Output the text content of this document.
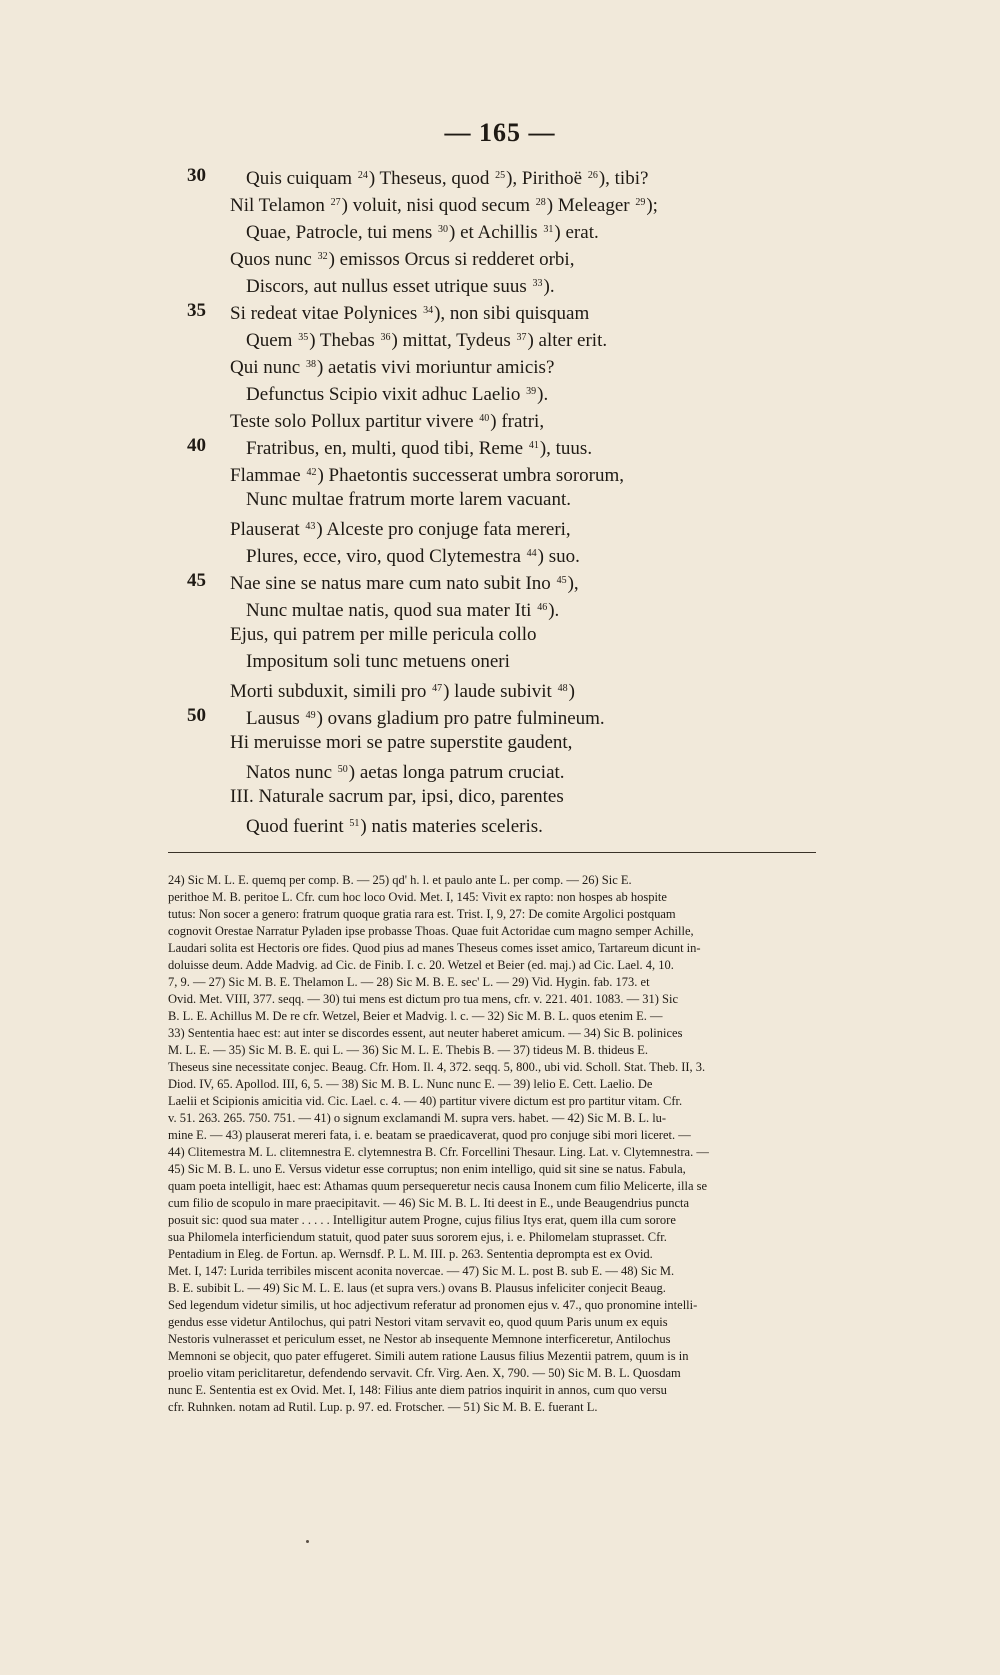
— 165 —
30 Quis cuiquam $^{24}$) Theseus, quod $^{25}$), Pirithoë $^{26}$), tibi?
Nil Telamon $^{27}$) voluit, nisi quod secum $^{28}$) Meleager $^{29}$);
Quae, Patrocle, tui mens $^{30}$) et Achillis $^{31}$) erat.
Quos nunc $^{32}$) emissos Orcus si redderet orbi,
Discors, aut nullus esset utrique suus $^{33}$).
35 Si redeat vitae Polynices $^{34}$), non sibi quisquam
Quem $^{35}$) Thebas $^{36}$) mittat, Tydeus $^{37}$) alter erit.
Qui nunc $^{38}$) aetatis vivi moriuntur amicis?
Defunctus Scipio vixit adhuc Laelio $^{39}$).
Teste solo Pollux partitur vivere $^{40}$) fratri,
40 Fratribus, en, multi, quod tibi, Reme $^{41}$), tuus.
Flammae $^{42}$) Phaetontis successerat umbra sororum,
Nunc multae fratrum morte larem vacuant.
Plauserat $^{43}$) Alceste pro conjuge fata mereri,
Plures, ecce, viro, quod Clytemestra $^{44}$) suo.
45 Nae sine se natus mare cum nato subit Ino $^{45}$),
Nunc multae natis, quod sua mater Iti $^{46}$).
Ejus, qui patrem per mille pericula collo
Impositum soli tunc metuens oneri
Morti subduxit, simili pro $^{47}$) laude subivit $^{48}$)
50 Lausus $^{49}$) ovans gladium pro patre fulmineum.
Hi meruisse mori se patre superstite gaudent,
Natos nunc $^{50}$) aetas longa patrum cruciat.
III. Naturale sacrum par, ipsi, dico, parentes
Quod fuerint $^{51}$) natis materies sceleris.
24) Sic M. L. E. quemq per comp. B. — 25) qd' h. l. et paulo ante L. per comp. — 26) Sic E.
perithoe M. B. peritoe L. Cfr. cum hoc loco Ovid. Met. I, 145: Vivit ex rapto: non hospes ab hospite
tutus: Non socer a genero: fratrum quoque gratia rara est. Trist. I, 9, 27: De comite Argolici postquam
cognovit Orestae Narratur Pyladen ipse probasse Thoas. Quae fuit Actoridae cum magno semper Achille,
Laudari solita est Hectoris ore fides. Quod pius ad manes Theseus comes isset amico, Tartareum dicunt in-
doluisse deum. Adde Madvig. ad Cic. de Finib. I. c. 20. Wetzel et Beier (ed. maj.) ad Cic. Lael. 4, 10.
7, 9. — 27) Sic M. B. E. Thelamon L. — 28) Sic M. B. E. sec' L. — 29) Vid. Hygin. fab. 173. et
Ovid. Met. VIII, 377. seqq. — 30) tui mens est dictum pro tua mens, cfr. v. 221. 401. 1083. — 31) Sic
B. L. E. Achillus M. De re cfr. Wetzel, Beier et Madvig. l. c. — 32) Sic M. B. L. quos etenim E. —
33) Sententia haec est: aut inter se discordes essent, aut neuter haberet amicum. — 34) Sic B. polinices
M. L. E. — 35) Sic M. B. E. qui L. — 36) Sic M. L. E. Thebis B. — 37) tideus M. B. thideus E.
Theseus sine necessitate conjec. Beaug. Cfr. Hom. Il. 4, 372. seqq. 5, 800., ubi vid. Scholl. Stat. Theb. II, 3.
Diod. IV, 65. Apollod. III, 6, 5. — 38) Sic M. B. L. Nunc nunc E. — 39) lelio E. Cett. Laelio. De
Laelii et Scipionis amicitia vid. Cic. Lael. c. 4. — 40) partitur vivere dictum est pro partitur vitam. Cfr.
v. 51. 263. 265. 750. 751. — 41) o signum exclamandi M. supra vers. habet. — 42) Sic M. B. L. lu-
mine E. — 43) plauserat mereri fata, i. e. beatam se praedicaverat, quod pro conjuge sibi mori liceret. —
44) Clitemestra M. L. clitemnestra E. clytemnestra B. Cfr. Forcellini Thesaur. Ling. Lat. v. Clytemnestra. —
45) Sic M. B. L. uno E. Versus videtur esse corruptus; non enim intelligo, quid sit sine se natus. Fabula,
quam poeta intelligit, haec est: Athamas quum persequeretur necis causa Inonem cum filio Melicerte, illa se
cum filio de scopulo in mare praecipitavit. — 46) Sic M. B. L. Iti deest in E., unde Beaugendrius puncta
posuit sic: quod sua mater . . . . . Intelligitur autem Progne, cujus filius Itys erat, quem illa cum sorore
sua Philomela interficiendum statuit, quod pater suus sororem ejus, i. e. Philomelam stuprasset. Cfr.
Pentadium in Eleg. de Fortun. ap. Wernsdf. P. L. M. III. p. 263. Sententia deprompta est ex Ovid.
Met. I, 147: Lurida terribiles miscent aconita novercae. — 47) Sic M. L. post B. sub E. — 48) Sic M.
B. E. subibit L. — 49) Sic M. L. E. laus (et supra vers.) ovans B. Plausus infeliciter conjecit Beaug.
Sed legendum videtur similis, ut hoc adjectivum referatur ad pronomen ejus v. 47., quo pronomine intelli-
gendus esse videtur Antilochus, qui patri Nestori vitam servavit eo, quod quum Paris unum ex equis
Nestoris vulnerasset et periculum esset, ne Nestor ab insequente Memnone interficeretur, Antilochus
Memnoni se objecit, quo pater effugeret. Simili autem ratione Lausus filius Mezentii patrem, quum is in
proelio vitam periclitaretur, defendendo servavit. Cfr. Virg. Aen. X, 790. — 50) Sic M. B. L. Quosdam
nunc E. Sententia est ex Ovid. Met. I, 148: Filius ante diem patrios inquirit in annos, cum quo versu
cfr. Ruhnken. notam ad Rutil. Lup. p. 97. ed. Frotscher. — 51) Sic M. B. E. fuerant L.
